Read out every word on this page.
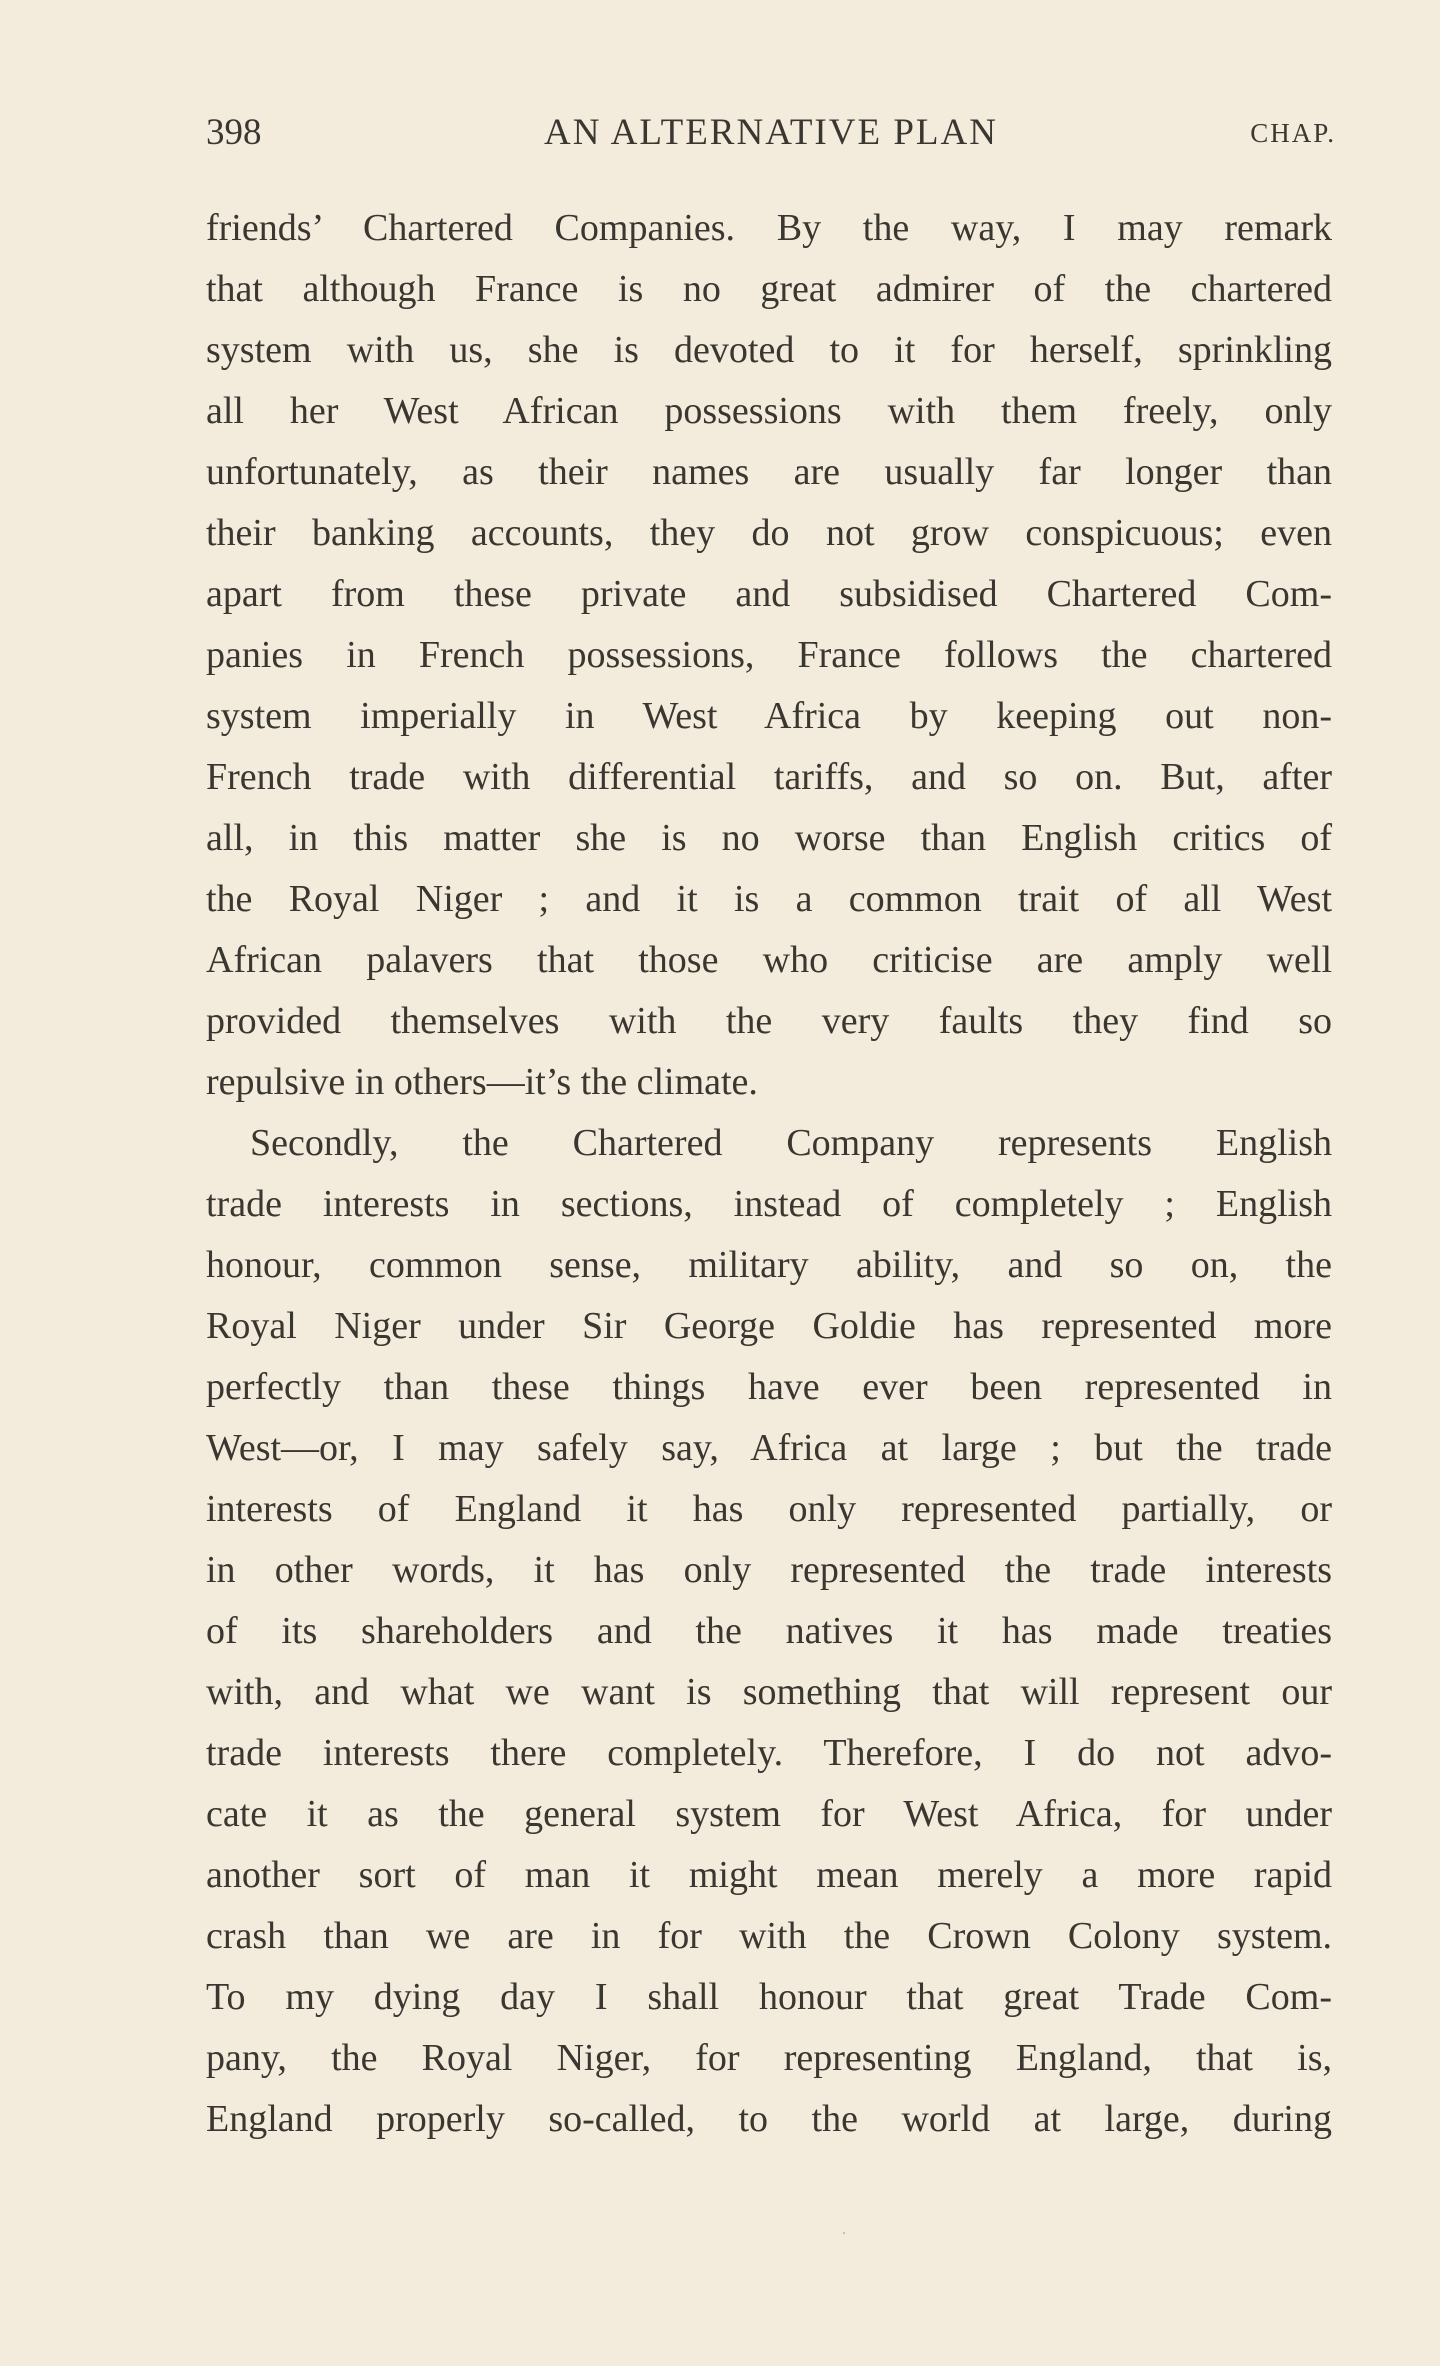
398	AN ALTERNATIVE PLAN	CHAP.
friends’ Chartered Companies. By the way, I may remark
that although France is no great admirer of the chartered
system with us, she is devoted to it for herself, sprinkling
all her West African possessions with them freely, only
unfortunately, as their names are usually far longer than
their banking accounts, they do not grow conspicuous; even
apart from these private and subsidised Chartered Com-
panies in French possessions, France follows the chartered
system imperially in West Africa by keeping out non-
French trade with differential tariffs, and so on. But, after
all, in this matter she is no worse than English critics of
the Royal Niger ; and it is a common trait of all West
African palavers that those who criticise are amply well
provided themselves with the very faults they find so
repulsive in others—it’s the climate.
Secondly, the Chartered Company represents English
trade interests in sections, instead of completely ; English
honour, common sense, military ability, and so on, the
Royal Niger under Sir George Goldie has represented more
perfectly than these things have ever been represented in
West—or, I may safely say, Africa at large ; but the trade
interests of England it has only represented partially, or
in other words, it has only represented the trade interests
of its shareholders and the natives it has made treaties
with, and what we want is something that will represent our
trade interests there completely. Therefore, I do not advo-
cate it as the general system for West Africa, for under
another sort of man it might mean merely a more rapid
crash than we are in for with the Crown Colony system.
To my dying day I shall honour that great Trade Com-
pany, the Royal Niger, for representing England, that is,
England properly so-called, to the world at large, during
